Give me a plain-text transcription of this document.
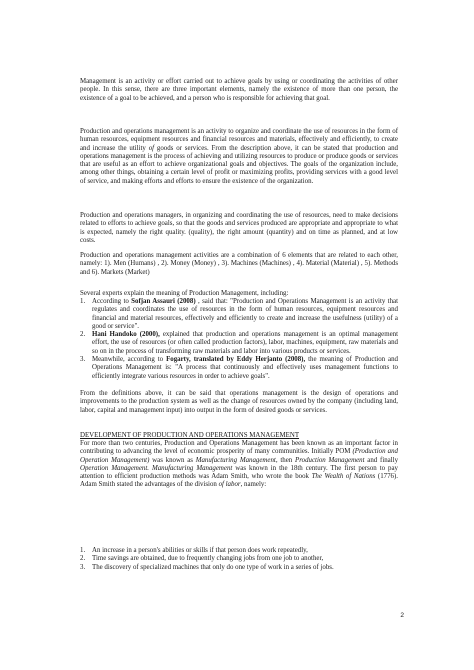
Management is an activity or effort carried out to achieve goals by using or coordinating the activities of other people. In this sense, there are three important elements, namely the existence of more than one person, the existence of a goal to be achieved, and a person who is responsible for achieving that goal.

Production and operations management is an activity to organize and coordinate the use of resources in the form of human resources, equipment resources and financial resources and materials, effectively and efficiently, to create and increase the utility of goods or services. From the description above, it can be stated that production and operations management is the process of achieving and utilizing resources to produce or produce goods or services that are useful as an effort to achieve organizational goals and objectives. The goals of the organization include, among other things, obtaining a certain level of profit or maximizing profits, providing services with a good level of service, and making efforts and efforts to ensure the existence of the organization.

Production and operations managers, in organizing and coordinating the use of resources, need to make decisions related to efforts to achieve goals, so that the goods and services produced are appropriate and appropriate to what is expected, namely the right quality. (quality), the right amount (quantity) and on time as planned, and at low costs.

Production and operations management activities are a combination of 6 elements that are related to each other, namely: 1). Men (Humans) , 2). Money (Money) , 3). Machines (Machines) , 4). Material (Material) , 5). Methods and 6). Markets (Market)

Several experts explain the meaning of Production Management, including:

1. According to Sofjan Assauri (2008) , said that: "Production and Operations Management is an activity that regulates and coordinates the use of resources in the form of human resources, equipment resources and financial and material resources, effectively and efficiently to create and increase the usefulness (utility) of a good or service".
2. Hani Handoko (2000), explained that production and operations management is an optimal management effort, the use of resources (or often called production factors), labor, machines, equipment, raw materials and so on in the process of transforming raw materials and labor into various products or services.
3. Meanwhile, according to Fogarty, translated by Eddy Herjanto (2008), the meaning of Production and Operations Management is: "A process that continuously and effectively uses management functions to efficiently integrate various resources in order to achieve goals".

From the definitions above, it can be said that operations management is the design of operations and improvements to the production system as well as the change of resources owned by the company (including land, labor, capital and management input) into output in the form of desired goods or services.

DEVELOPMENT OF PRODUCTION AND OPERATIONS MANAGEMENT

For more than two centuries, Production and Operations Management has been known as an important factor in contributing to advancing the level of economic prosperity of many communities. Initially POM (Production and Operation Management) was known as Manufacturing Management, then Production Management and finally Operation Management. Manufacturing Management was known in the 18th century. The first person to pay attention to efficient production methods was Adam Smith, who wrote the book The Wealth of Nations (1776). Adam Smith stated the advantages of the division of labor, namely:

1. An increase in a person's abilities or skills if that person does work repeatedly,
2. Time savings are obtained, due to frequently changing jobs from one job to another,
3. The discovery of specialized machines that only do one type of work in a series of jobs.
2
